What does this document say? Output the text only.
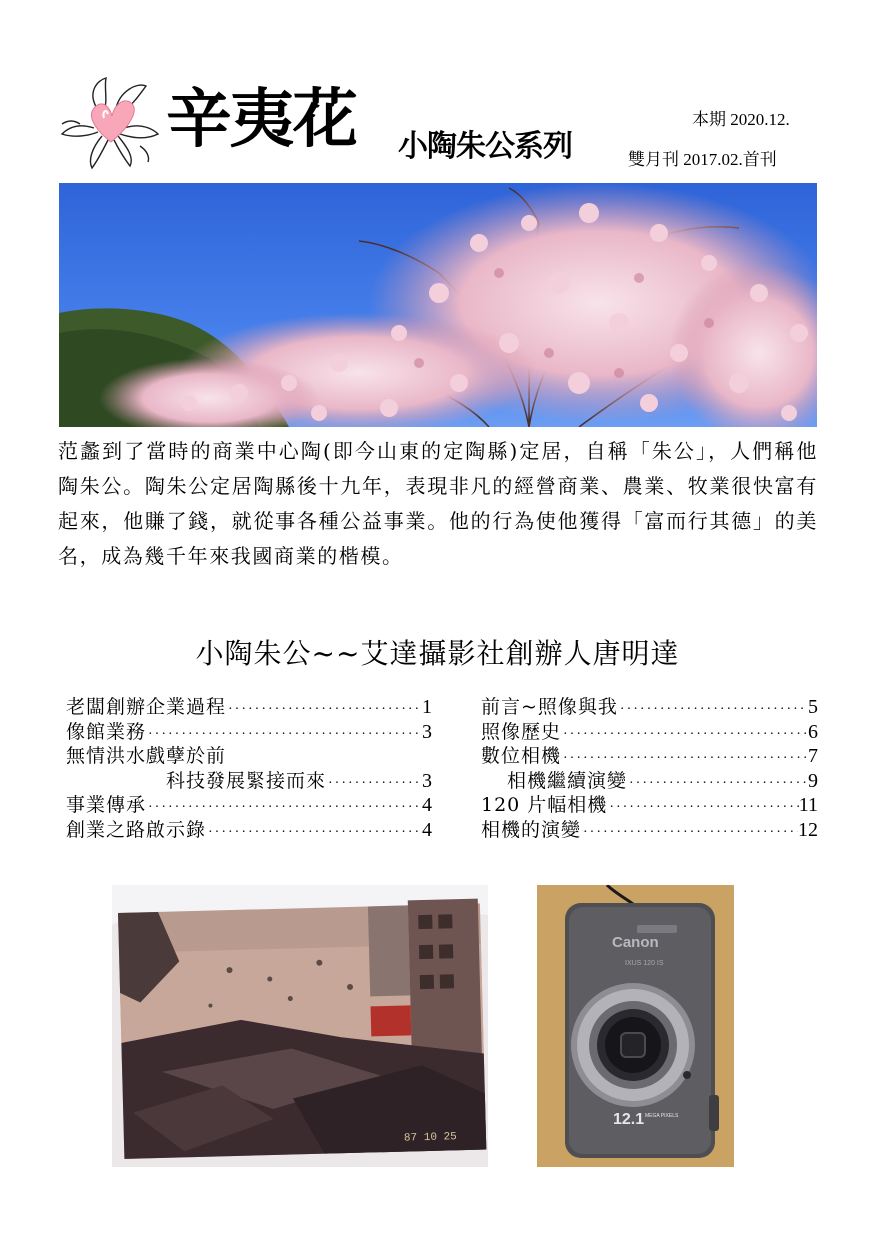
辛夷花 小陶朱公系列
本期 2020.12.
雙月刊 2017.02.首刊

范蠡到了當時的商業中心陶(即今山東的定陶縣)定居，自稱「朱公」，人們稱他陶朱公。陶朱公定居陶縣後十九年，表現非凡的經營商業、農業、牧業很快富有起來，他賺了錢，就從事各種公益事業。他的行為使他獲得「富而行其德」的美名，成為幾千年來我國商業的楷模。

小陶朱公~~艾達攝影社創辦人唐明達
老闆創辦企業過程 ·····	1
像館業務 ·····	3
無情洪水戲孽於前
科技發展緊接而來 ·····	3
事業傳承 ·····	4
創業之路啟示錄 ·····	4
前言~照像與我 ·····	5
照像歷史 ·····	6
數位相機 ·····	7
相機繼續演變 ·····	9
120 片幅相機 ·····	11
相機的演變 ·····	12
87 10 25
Canon
IXUS 120 IS
12.1 MEGA PIXELS
